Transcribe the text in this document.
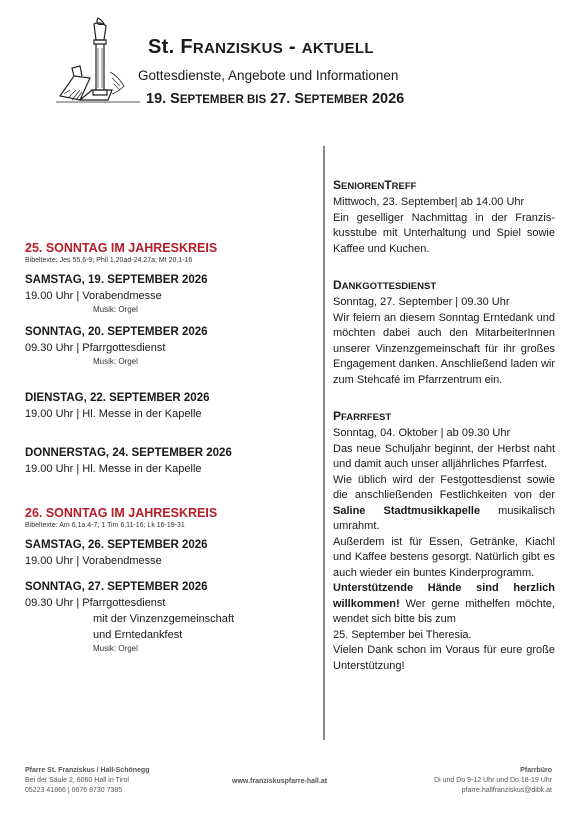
St. FRANZISKUS - AKTUELL
Gottesdienste, Angebote und Informationen
19. SEPTEMBER BIS 27. SEPTEMBER 2026

25. SONNTAG IM JAHRESKREIS

Bibeltexte: Jes 55,6-9; Phil 1,20ad-24.27a; Mt 20,1-16

SAMSTAG, 19. SEPTEMBER 2026

19.00 Uhr | Vorabendmesse

Musik: Orgel

SONNTAG, 20. SEPTEMBER 2026

09.30 Uhr | Pfarrgottesdienst

Musik: Orgel

DIENSTAG, 22. SEPTEMBER 2026

19.00 Uhr | Hl. Messe in der Kapelle

DONNERSTAG, 24. SEPTEMBER 2026

19.00 Uhr | Hl. Messe in der Kapelle

26. SONNTAG IM JAHRESKREIS

Bibeltexte: Am 6,1a.4-7; 1 Tim 6,11-16; Lk 16-19-31

SAMSTAG, 26. SEPTEMBER 2026

19.00 Uhr | Vorabendmesse

SONNTAG, 27. SEPTEMBER 2026

09.30 Uhr | Pfarrgottesdienst

mit der Vinzenzgemeinschaft

und Erntedankfest

Musik: Orgel

SENIORENTREFF

Mittwoch, 23. September| ab 14.00 Uhr

Ein geselliger Nachmittag in der Franziskusstube mit Unterhaltung und Spiel sowie Kaffee und Kuchen.

DANKGOTTESDIENST

Sonntag, 27. September | 09.30 Uhr

Wir feiern an diesem Sonntag Erntedank und möchten dabei auch den MitarbeiterInnen unserer Vinzenzgemeinschaft für ihr großes Engagement danken. Anschließend laden wir zum Stehcafé im Pfarrzentrum ein.

PFARRFEST

Sonntag, 04. Oktober | ab 09.30 Uhr

Das neue Schuljahr beginnt, der Herbst naht und damit auch unser alljährliches Pfarrfest.

Wie üblich wird der Festgottesdienst sowie die anschließenden Festlichkeiten von der Saline Stadtmusikkapelle musikalisch umrahmt.

Außerdem ist für Essen, Getränke, Kiachl und Kaffee bestens gesorgt. Natürlich gibt es auch wieder ein buntes Kinderprogramm.

Unterstützende Hände sind herzlich willkommen! Wer gerne mithelfen möchte, wendet sich bitte bis zum

25. September bei Theresia.

Vielen Dank schon im Voraus für eure große Unterstützung!

Pfarre St. Franziskus / Hall-Schönegg
Bei der Säule 2, 6060 Hall in Tirol
05223 41866 | 0676 8730 7385
www.franziskuspfarre-hall.at
Pfarrbüro
Di und Do 9-12 Uhr und Do 18-19 Uhr
pfarre.hallfranziskus@dibk.at
